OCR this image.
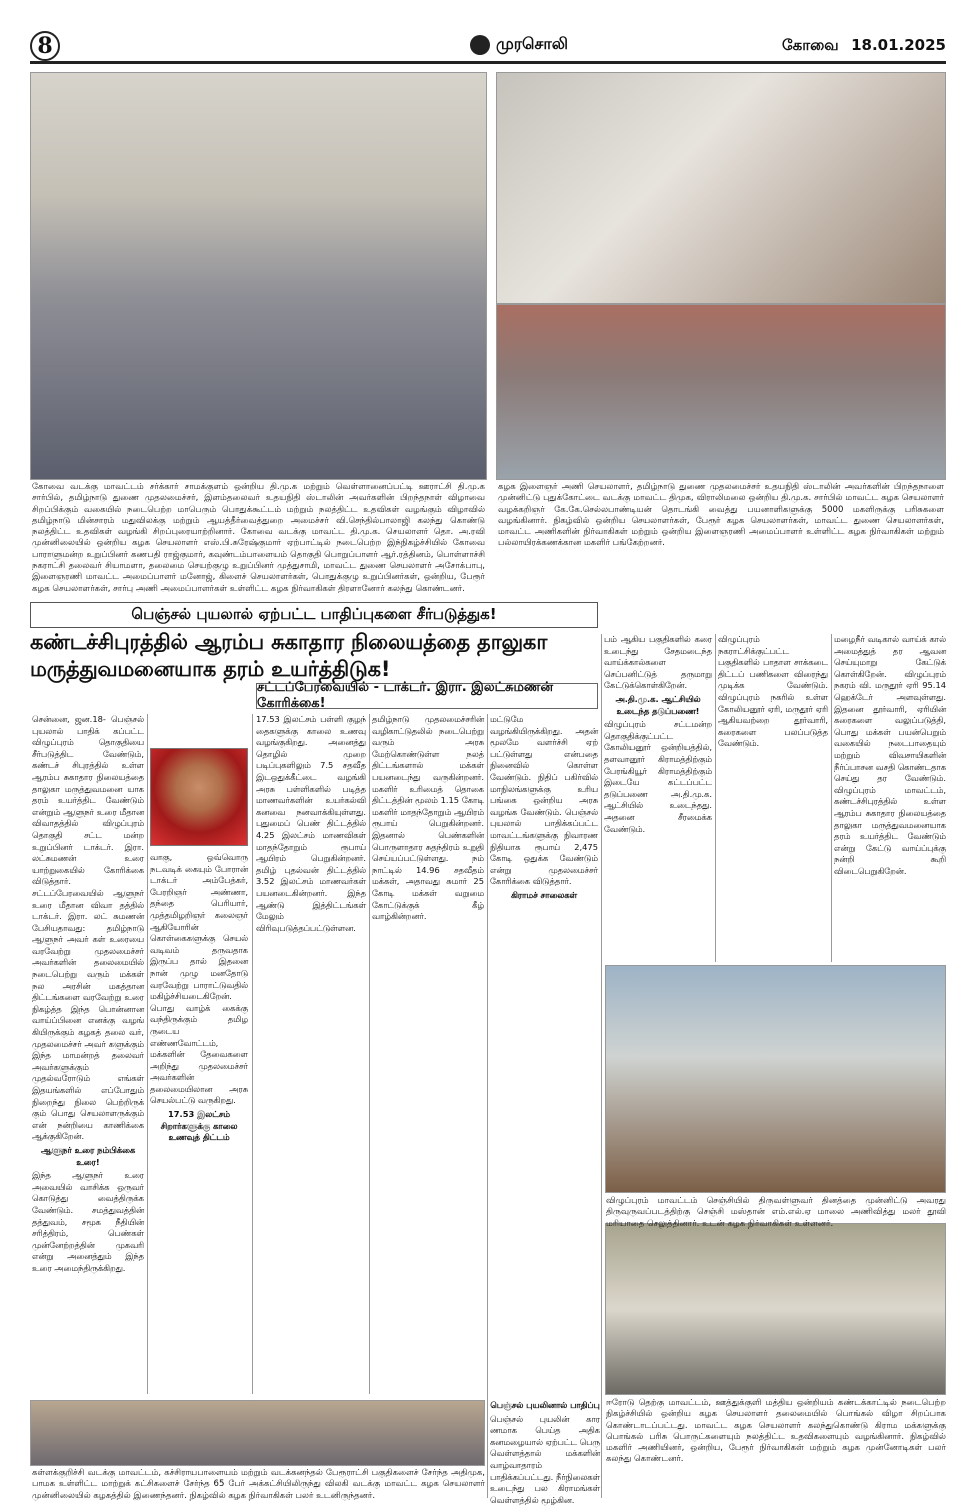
8	முரசொலி	கோவை 18.01.2025
கோவை வடக்கு மாவட்டம் சர்க்கார் சாமக்குளம் ஒன்றிய தி.மு.க மற்றும் வெள்ளானைப்பட்டி ஊராட்சி தி.மு.க சார்பில், தமிழ்நாடு துணை முதலமைச்சர், இளம்தலைவர் உதயநிதி ஸ்டாலின் அவர்களின் பிறந்தநாள் விழாவை சிறப்பிக்கும் வகையில் நடைபெற்ற மாபெரும் பொதுக்கூட்டம் மற்றும் நலத்திட்ட உதவிகள் வழங்கும் விழாவில் தமிழ்நாடு மின்சாரம் மதுவிலக்கு மற்றும் ஆயத்தீர்வைத்துறை அமைச்சர் வி.செந்தில்பாலாஜி கலந்து கொண்டு நலத்திட்ட உதவிகள் வழங்கி சிறப்புரையாற்றினார். கோவை வடக்கு மாவட்ட தி.மு.க. செயலாளர் தொ. அ.ரவி முன்னிலையில் ஒன்றிய கழக செயலாளர் எஸ்.பி.சுரேஷ்குமார் ஏற்பாட்டில் நடைபெற்ற இந்நிகழ்ச்சியில் கோவை பாராளுமன்ற உறுப்பினர் கணபதி ராஜ்குமார், கவுண்டம்பாளையம் தொகுதி பொறுப்பாளர் ஆர்.ரத்தினம், பொள்ளாச்சி நகராட்சி தலைவர் சியாமளா, தலைமை செயற்குழு உறுப்பினர் முத்துசாமி, மாவட்ட துணை செயலாளர் அசோக்பாபு, இளைஞரணி மாவட்ட அமைப்பாளர் மனோஜ், கிளைச் செயலாளர்கள், பொதுக்குழு உறுப்பினர்கள், ஒன்றிய, பேரூர் கழக செயலாளர்கள், சார்பு அணி அமைப்பாளர்கள் உள்ளிட்ட கழக நிர்வாகிகள் திரளானோர் கலந்து கொண்டனர்.
கழக இளைஞர் அணி செயலாளர், தமிழ்நாடு துணை முதலமைச்சர் உதயநிதி ஸ்டாலின் அவர்களின் பிறந்தநாளை முன்னிட்டு புதுக்கோட்டை வடக்கு மாவட்ட திமுக, விராலிமலை ஒன்றிய தி.மு.க. சார்பில் மாவட்ட கழக செயலாளர் வழக்கறிஞர் கே.கே.செல்லபாண்டியன் தொடங்கி வைத்து பயனாளிகளுக்கு 5000 மகளிருக்கு பரிசுகளை வழங்கினார். நிகழ்வில் ஒன்றிய செயலாளர்கள், பேரூர் கழக செயலாளர்கள், மாவட்ட துணை செயலாளர்கள், மாவட்ட அணிகளின் நிர்வாகிகள் மற்றும் ஒன்றிய இளைஞரணி அமைப்பாளர் உள்ளிட்ட கழக நிர்வாகிகள் மற்றும் பல்லாயிரக்கணக்கான மகளிர் பங்கேற்றனர்.
விழுப்புரம் மாவட்டம் செஞ்சியில் திருவள்ளுவர் தினத்தை முன்னிட்டு அவரது திருவுருவப்படத்திற்கு செஞ்சி மஸ்தான் எம்.எல்.ஏ மாலை அணிவித்து மலர் தூவி மரியாதை செலுத்தினார். உடன் கழக நிர்வாகிகள் உள்ளனர்.
ஈரோடு தெற்கு மாவட்டம், ஊத்துக்குளி மத்திய ஒன்றியம் கண்டக்காட்டில் நடைபெற்ற நிகழ்ச்சியில் ஒன்றிய கழக செயலாளர் தலைமையில் பொங்கல் விழா சிறப்பாக கொண்டாடப்பட்டது. மாவட்ட கழக செயலாளர் கலந்துகொண்டு கிராம மக்களுக்கு பொங்கல் பரிசு பொருட்களையும் நலத்திட்ட உதவிகளையும் வழங்கினார். நிகழ்வில் மகளிர் அணியினர், ஒன்றிய, பேரூர் நிர்வாகிகள் மற்றும் கழக முன்னோடிகள் பலர் கலந்து கொண்டனர்.
கள்ளக்குறிச்சி வடக்கு மாவட்டம், கச்சிராயபாளையம் மற்றும் வடக்கனந்தல் பேரூராட்சி பகுதிகளைச் சேர்ந்த அதிமுக, பாமக உள்ளிட்ட மாற்றுக் கட்சிகளைச் சேர்ந்த 65 பேர் அக்கட்சியிலிருந்து விலகி வடக்கு மாவட்ட கழக செயலாளர் முன்னிலையில் கழகத்தில் இணைந்தனர். நிகழ்வில் கழக நிர்வாகிகள் பலர் உடனிருந்தனர்.
பெஞ்சல் புயலால் ஏற்பட்ட பாதிப்புகளை சீர்படுத்துக!
கண்டச்சிபுரத்தில் ஆரம்ப சுகாதார நிலையத்தை தாலுகா மருத்துவமனையாக தரம் உயர்த்திடுக!
சட்டப்பேரவையில் - டாக்டர். இரா. இலட்சுமணன் கோரிக்கை!
சென்னை, ஜன.18- பெஞ்சல் புயலால் பாதிக் கப்பட்ட விழுப்புரம் தொகுதியை சீர்படுத்திட வேண்டும், கண்டச் சிபுரத்தில் உள்ள ஆரம்ப சுகாதார நிலையத்தை தாலுகா மருத்துவமனை யாக தரம் உயர்த்திட வேண்டும் என்றும் ஆளுநர் உரை மீதான விவாதத்தில் விழுப்புரம் தொகுதி சட்ட மன்ற உறுப்பினர் டாக்டர். இரா. லட்சுமணன் உரை யாற்றுகையில் கோரிக்கை விடுத்தார். சட்டப்பேரவையில் ஆளுநர் உரை மீதான விவா தத்தில் டாக்டர். இரா. லட் சுமணன் பேசியதாவது: தமிழ்நாடு ஆளுநர் அவர் கள் உரையை வரவேற்று முதலமைச்சர் அவர்களின் தலைமையில் நடைபெற்று வரும் மக்கள் நல அரசின் மகத்தான திட்டங்களை வரவேற்று உரை நிகழ்த்த இந்த பொன்னான வாய்ப்பினை எனக்கு வழங் கியிருக்கும் கழகத் தலை வர், முதலமைச்சர் அவர் களுக்கும் இந்த மாமன்றத் தலைவர் அவர்களுக்கும் முதல்வரோடும் எங்கள் இதயங்களில் எப்போதும் நிறைந்து நிலை பெற்றிருக் கும் பொது செயலாளருக்கும் என் நன்றியை காணிக்கை ஆக்குகிறேன்.
ஆளுநர் உரை நம்பிக்கை உரை!
இந்த ஆளுநர் உரை அவையில் வாசிக்க ஒருவர் கொடுத்து வைத்திருக்க வேண்டும். சமத்துவத்தின் தத்துவம், சமூக நீதியின் சரித்திரம், பெண்கள் முன்னேற்றத்தின் முகவரி என்று அனைத்தும் இந்த உரை அமைந்திருக்கிறது.
வாகு, ஒவ்வொரு நடவடிக் கையும் போரான் டாக்டர் அம்பேத்கர், பேரறிஞர் அண்ணா, தந்தை பெரியார், முத்தமிழறிஞர் கலைஞர் ஆகியோரின் கொள்கைகளுக்கு செயல் வடிவம் தருவதாக இருப்ப தால் இதனை நான் முழு மனதோடு வரவேற்று பாராட்டுவதில் மகிழ்ச்சியடைகிறேன். பொது வாழ்க் கைக்கு வந்திருக்கும் தமிழ ருடைய எண்ணவோட்டம், மக்களின் தேவைகளை அறிந்து முதலமைச்சர் அவர்களின் தலைமையிலான அரசு செயல்பட்டு வருகிறது.
17.53 இலட்சம் சிறார்களுக்கு காலை உணவுத் திட்டம்
17.53 இலட்சம் பள்ளி குழந் தைகளுக்கு காலை உணவு வழங்குகிறது. அனைத்து தொழில் முறை படிப்புகளிலும் 7.5 சதவீத இடஒதுக்கீட்டை வழங்கி அரசு பள்ளிகளில் படித்த மாணவர்களின் உயர்கல்வி கனவை நனவாக்கியுள்ளது. புதுமைப் பெண் திட்டத்தில் 4.25 இலட்சம் மாணவிகள் மாதந்தோறும் ரூபாய் ஆயிரம் பெறுகின்றனர். தமிழ் புதல்வன் திட்டத்தில் 3.52 இலட்சம் மாணவர்கள் பயனடைகின்றனர். இந்த ஆண்டு இத்திட்டங்கள் மேலும் விரிவுபடுத்தப்பட்டுள்ளன.
தமிழ்நாடு முதலமைச்சரின் வழிகாட்டுதலில் நடைபெற்று வரும் அரசு மேற்கொண்டுள்ள நலத் திட்டங்களால் மக்கள் பயனடைந்து வருகின்றனர். மகளிர் உரிமைத் தொகை திட்டத்தின் மூலம் 1.15 கோடி மகளிர் மாதந்தோறும் ஆயிரம் ரூபாய் பெறுகின்றனர். இதனால் பெண்களின் பொருளாதார சுதந்திரம் உறுதி செய்யப்பட்டுள்ளது. நம் நாட்டில் 14.96 சதவீதம் மக்கள், அதாவது சுமார் 25 கோடி மக்கள் வறுமை கோட்டுக்குக் கீழ் வாழ்கின்றனர்.
மட்டுமே வழங்கியிருக்கிறது. அதன் மூலமே வளர்ச்சி ஏற் பட்டுள்ளது என்பதை நினைவில் கொள்ள வேண்டும். நிதிப் பகிர்வில் மாநிலங்களுக்கு உரிய பங்கை ஒன்றிய அரசு வழங்க வேண்டும். பெஞ்சல் புயலால் பாதிக்கப்பட்ட மாவட்டங்களுக்கு நிவாரண நிதியாக ரூபாய் 2,475 கோடி ஒதுக்க வேண்டும் என்று முதலமைச்சர் கோரிக்கை விடுத்தார்.
கிராமச் சாலைகள்
பம் ஆகிய பகுதிகளில் கரை உடைந்து சேதமடைந்த வாய்க்கால்களை செப்பனிட்டுத் தருமாறு கேட்டுக்கொள்கிறேன்.
அ.தி.மு.க. ஆட்சியில் உடைந்த தடுப்பணை!
விழுப்புரம் சட்டமன்ற தொகுதிக்குட்பட்ட கோலியனூர் ஒன்றியத்தில், தளவானூர் கிராமத்திற்கும் பேரங்கியூர் கிராமத்திற்கும் இடையே கட்டப்பட்ட தடுப்பணை அ.தி.மு.க. ஆட்சியில் உடைந்தது. அதனை சீரமைக்க வேண்டும்.
விழுப்புரம் நகராட்சிக்குட்பட்ட பகுதிகளில் பாதாள சாக்கடை திட்டப் பணிகளை விரைந்து முடிக்க வேண்டும். விழுப்புரம் நகரில் உள்ள கோலியனூர் ஏரி, மருதூர் ஏரி ஆகியவற்றை தூர்வாரி, கரைகளை பலப்படுத்த வேண்டும்.
மழைநீர் வடிகால் வாய்க் கால் அமைத்துத் தர ஆவன செய்யுமாறு கேட்டுக் கொள்கிறேன். விழுப்புரம் நகரம் வி. மருதூர் ஏரி 95.14 ஹெக்டேர் அளவுள்ளது. இதனை தூர்வாரி, ஏரியின் கரைகளை வலுப்படுத்தி, பொது மக்கள் பயன்பெறும் வகையில் நடைபாதையும் மற்றும் விவசாயிகளின் நீர்ப்பாசன வசதி கொண்டதாக செய்து தர வேண்டும். விழுப்புரம் மாவட்டம், கண்டச்சிபுரத்தில் உள்ள ஆரம்ப சுகாதார நிலையத்தை தாலுகா மருத்துவமனையாக தரம் உயர்த்திட வேண்டும் என்று கேட்டு வாய்ப்புக்கு நன்றி கூறி விடைபெறுகிறேன்.
பெஞ்சல் புயலினால் பாதிப்பு
பெஞ்சல் புயலின் கார ணமாக பெய்த அதிக கனமழையால் ஏற்பட்ட பெரு வெள்ளத்தால் மக்களின் வாழ்வாதாரம் பாதிக்கப்பட்டது. நீர்நிலைகள் உடைந்து பல கிராமங்கள் வெள்ளத்தில் மூழ்கின.
